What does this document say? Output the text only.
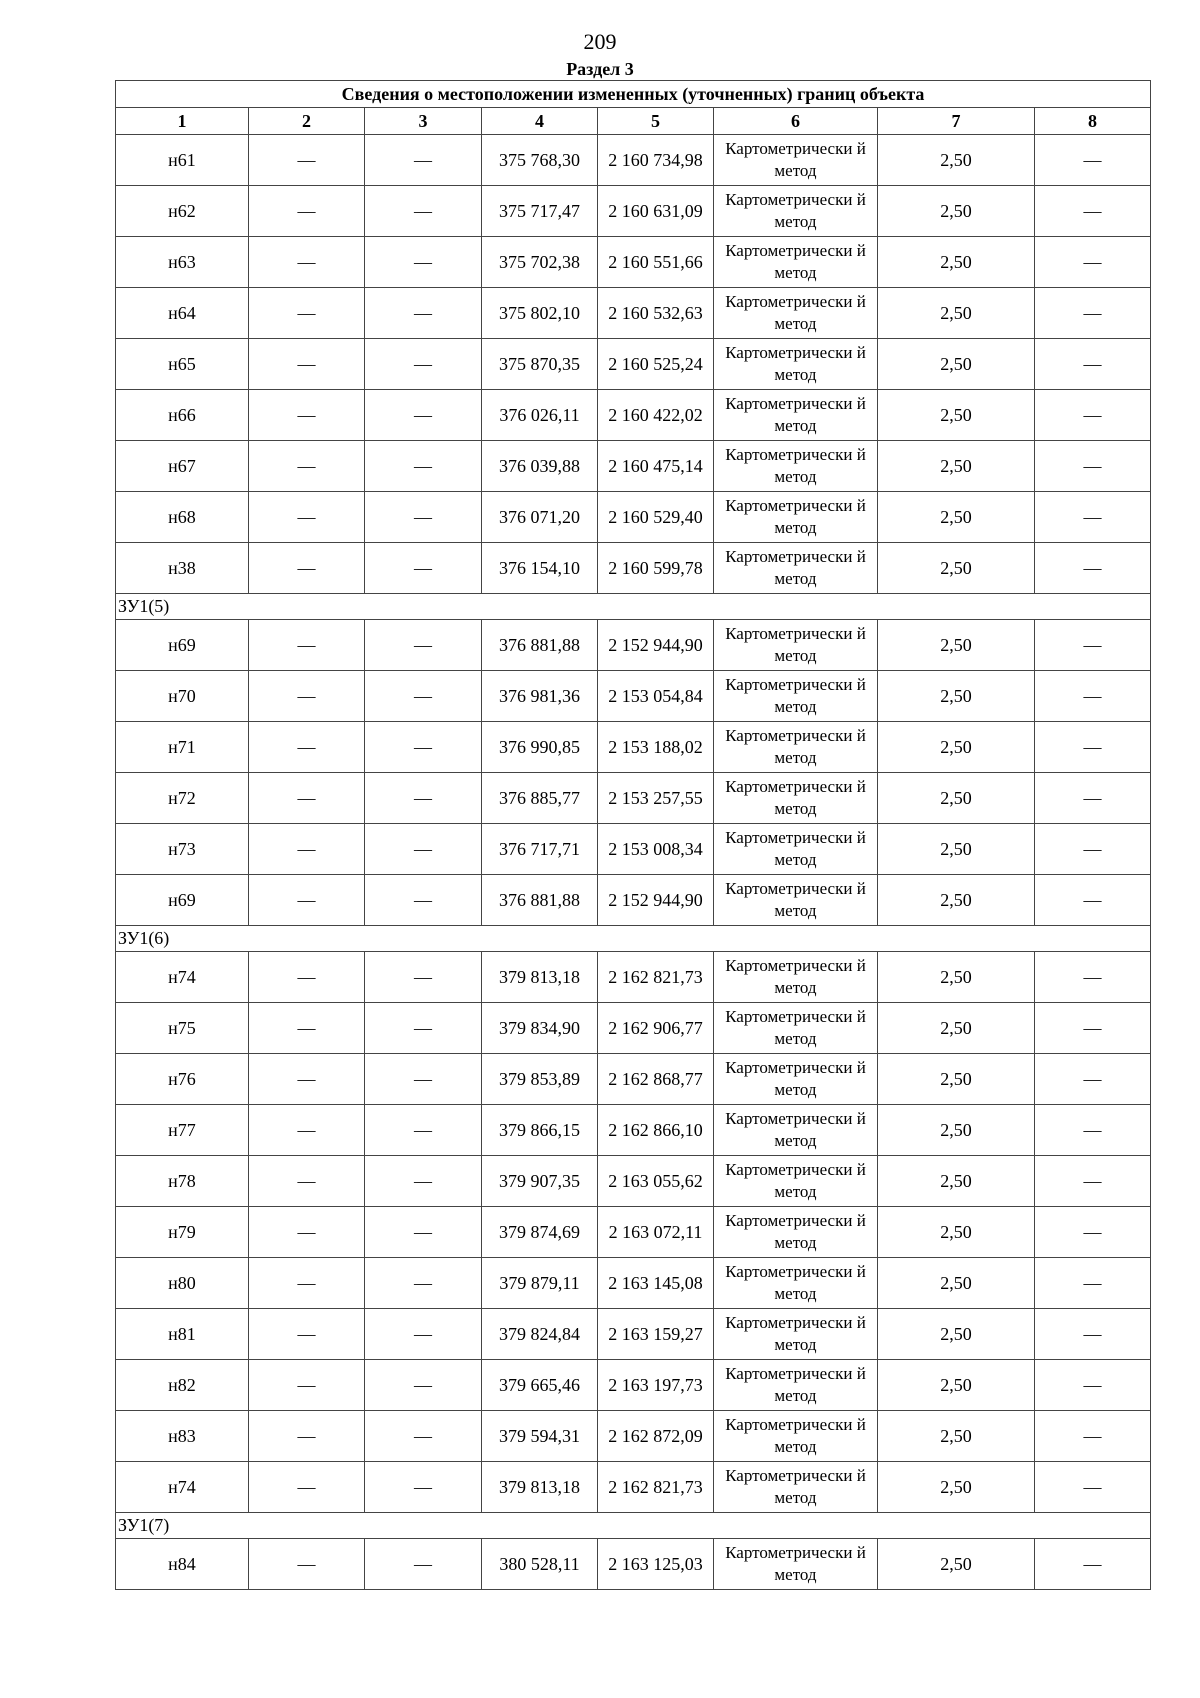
209
Раздел 3
Сведения о местоположении измененных (уточненных) границ объекта							
1	2	3	4	5	6	7	8
н61	—	—	375 768,30	2 160 734,98	Картометрически й метод	2,50	—
н62	—	—	375 717,47	2 160 631,09	Картометрически й метод	2,50	—
н63	—	—	375 702,38	2 160 551,66	Картометрически й метод	2,50	—
н64	—	—	375 802,10	2 160 532,63	Картометрически й метод	2,50	—
н65	—	—	375 870,35	2 160 525,24	Картометрически й метод	2,50	—
н66	—	—	376 026,11	2 160 422,02	Картометрически й метод	2,50	—
н67	—	—	376 039,88	2 160 475,14	Картометрически й метод	2,50	—
н68	—	—	376 071,20	2 160 529,40	Картометрически й метод	2,50	—
н38	—	—	376 154,10	2 160 599,78	Картометрически й метод	2,50	—
ЗУ1(5)							
н69	—	—	376 881,88	2 152 944,90	Картометрически й метод	2,50	—
н70	—	—	376 981,36	2 153 054,84	Картометрически й метод	2,50	—
н71	—	—	376 990,85	2 153 188,02	Картометрически й метод	2,50	—
н72	—	—	376 885,77	2 153 257,55	Картометрически й метод	2,50	—
н73	—	—	376 717,71	2 153 008,34	Картометрически й метод	2,50	—
н69	—	—	376 881,88	2 152 944,90	Картометрически й метод	2,50	—
ЗУ1(6)							
н74	—	—	379 813,18	2 162 821,73	Картометрически й метод	2,50	—
н75	—	—	379 834,90	2 162 906,77	Картометрически й метод	2,50	—
н76	—	—	379 853,89	2 162 868,77	Картометрически й метод	2,50	—
н77	—	—	379 866,15	2 162 866,10	Картометрически й метод	2,50	—
н78	—	—	379 907,35	2 163 055,62	Картометрически й метод	2,50	—
н79	—	—	379 874,69	2 163 072,11	Картометрически й метод	2,50	—
н80	—	—	379 879,11	2 163 145,08	Картометрически й метод	2,50	—
н81	—	—	379 824,84	2 163 159,27	Картометрически й метод	2,50	—
н82	—	—	379 665,46	2 163 197,73	Картометрически й метод	2,50	—
н83	—	—	379 594,31	2 162 872,09	Картометрически й метод	2,50	—
н74	—	—	379 813,18	2 162 821,73	Картометрически й метод	2,50	—
ЗУ1(7)							
н84	—	—	380 528,11	2 163 125,03	Картометрически й метод	2,50	—
